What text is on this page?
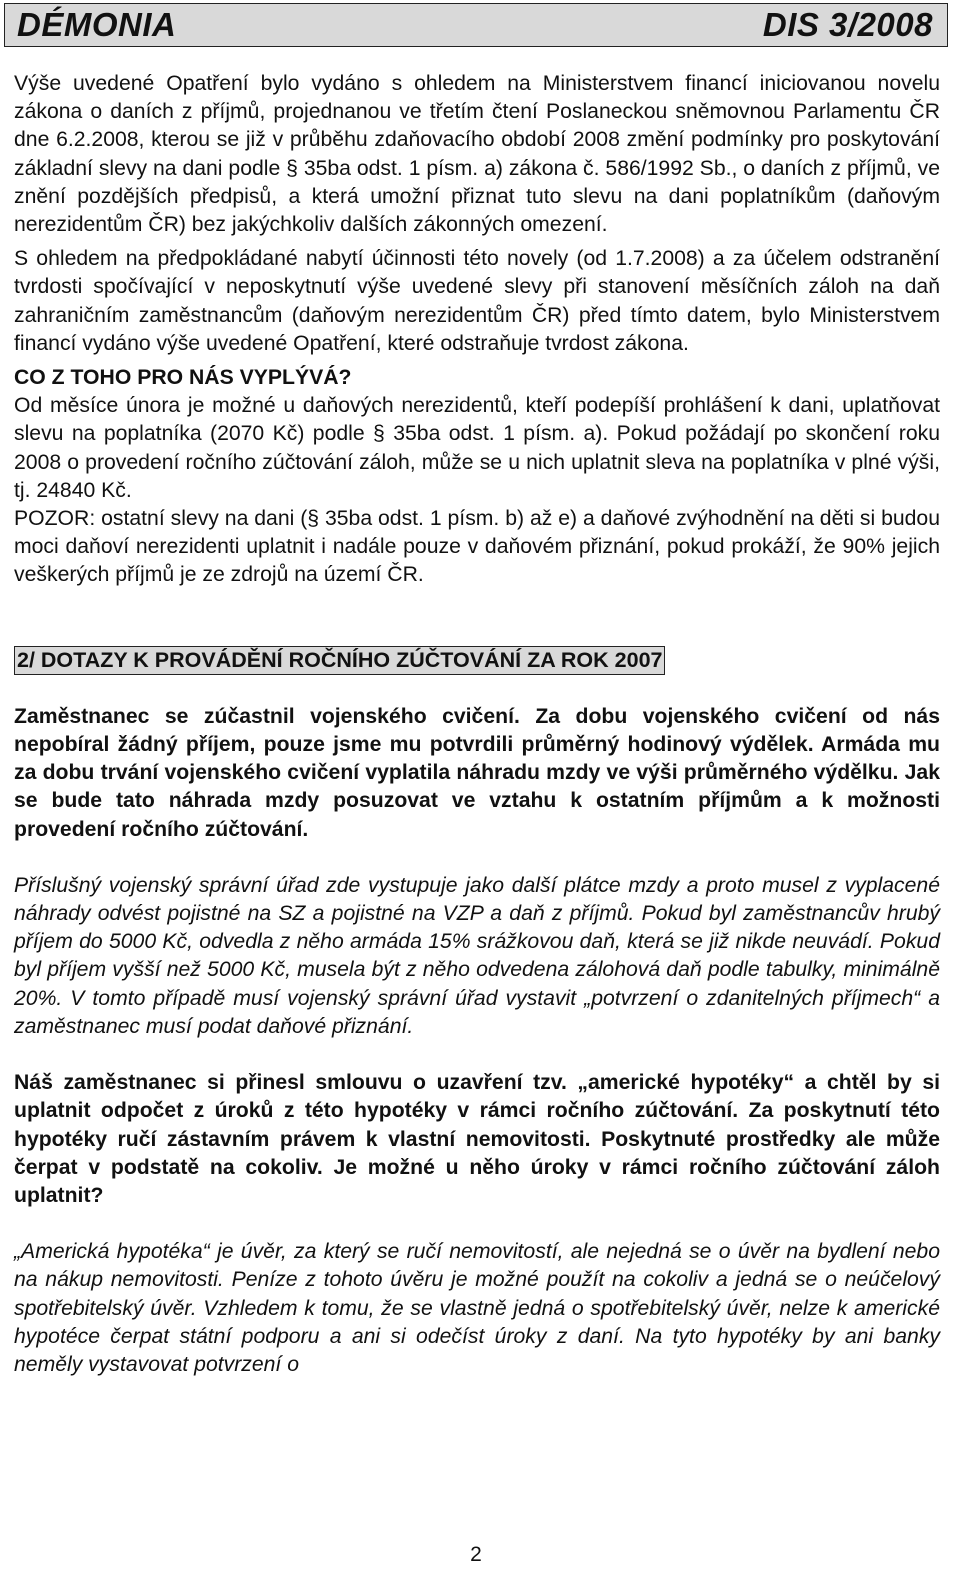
DÉMONIA	DIS 3/2008

Výše uvedené Opatření bylo vydáno s ohledem na Ministerstvem financí iniciovanou novelu zákona o daních z příjmů, projednanou ve třetím čtení Poslaneckou sněmovnou Parlamentu ČR dne 6.2.2008, kterou se již v průběhu zdaňovacího období 2008 změní podmínky pro poskytování základní slevy na dani podle § 35ba odst. 1 písm. a) zákona č. 586/1992 Sb., o daních z příjmů, ve znění pozdějších předpisů, a která umožní přiznat tuto slevu na dani poplatníkům (daňovým nerezidentům ČR) bez jakýchkoliv dalších zákonných omezení.

S ohledem na předpokládané nabytí účinnosti této novely (od 1.7.2008) a za účelem odstranění tvrdosti spočívající v neposkytnutí výše uvedené slevy při stanovení měsíčních záloh na daň zahraničním zaměstnancům (daňovým nerezidentům ČR) před tímto datem, bylo Ministerstvem financí vydáno výše uvedené Opatření, které odstraňuje tvrdost zákona.

CO Z TOHO PRO NÁS VYPLÝVÁ?

Od měsíce února je možné u daňových nerezidentů, kteří podepíší prohlášení k dani, uplatňovat slevu na poplatníka (2070 Kč) podle § 35ba odst. 1 písm. a). Pokud požádají po skončení roku 2008 o provedení ročního zúčtování záloh, může se u nich uplatnit sleva na poplatníka v plné výši, tj. 24840 Kč.

POZOR: ostatní slevy na dani (§ 35ba odst. 1 písm. b) až e) a daňové zvýhodnění na děti si budou moci daňoví nerezidenti uplatnit i nadále pouze v daňovém přiznání, pokud prokáží, že 90% jejich veškerých příjmů je ze zdrojů na území ČR.

2/ DOTAZY K PROVÁDĚNÍ ROČNÍHO ZÚČTOVÁNÍ ZA ROK 2007

Zaměstnanec se zúčastnil vojenského cvičení. Za dobu vojenského cvičení od nás nepobíral žádný příjem, pouze jsme mu potvrdili průměrný hodinový výdělek. Armáda mu za dobu trvání vojenského cvičení vyplatila náhradu mzdy ve výši průměrného výdělku. Jak se bude tato náhrada mzdy posuzovat ve vztahu k ostatním příjmům a k možnosti provedení ročního zúčtování.

Příslušný vojenský správní úřad zde vystupuje jako další plátce mzdy a proto musel z vyplacené náhrady odvést pojistné na SZ a pojistné na VZP a daň z příjmů. Pokud byl zaměstnancův hrubý příjem do 5000 Kč, odvedla z něho armáda 15% srážkovou daň, která se již nikde neuvádí. Pokud byl příjem vyšší než 5000 Kč, musela být z něho odvedena zálohová daň podle tabulky, minimálně 20%. V tomto případě musí vojenský správní úřad vystavit „potvrzení o zdanitelných příjmech“ a zaměstnanec musí podat daňové přiznání.

Náš zaměstnanec si přinesl smlouvu o uzavření tzv. „americké hypotéky“ a chtěl by si uplatnit odpočet z úroků z této hypotéky v rámci ročního zúčtování. Za poskytnutí této hypotéky ručí zástavním právem k vlastní nemovitosti. Poskytnuté prostředky ale může čerpat v podstatě na cokoliv. Je možné u něho úroky v rámci ročního zúčtování záloh uplatnit?

„Americká hypotéka“ je úvěr, za který se ručí nemovitostí, ale nejedná se o úvěr na bydlení nebo na nákup nemovitosti. Peníze z tohoto úvěru je možné použít na cokoliv a jedná se o neúčelový spotřebitelský úvěr. Vzhledem k tomu, že se vlastně jedná o spotřebitelský úvěr, nelze k americké hypotéce čerpat státní podporu a ani si odečíst úroky z daní. Na tyto hypotéky by ani banky neměly vystavovat potvrzení o

2
